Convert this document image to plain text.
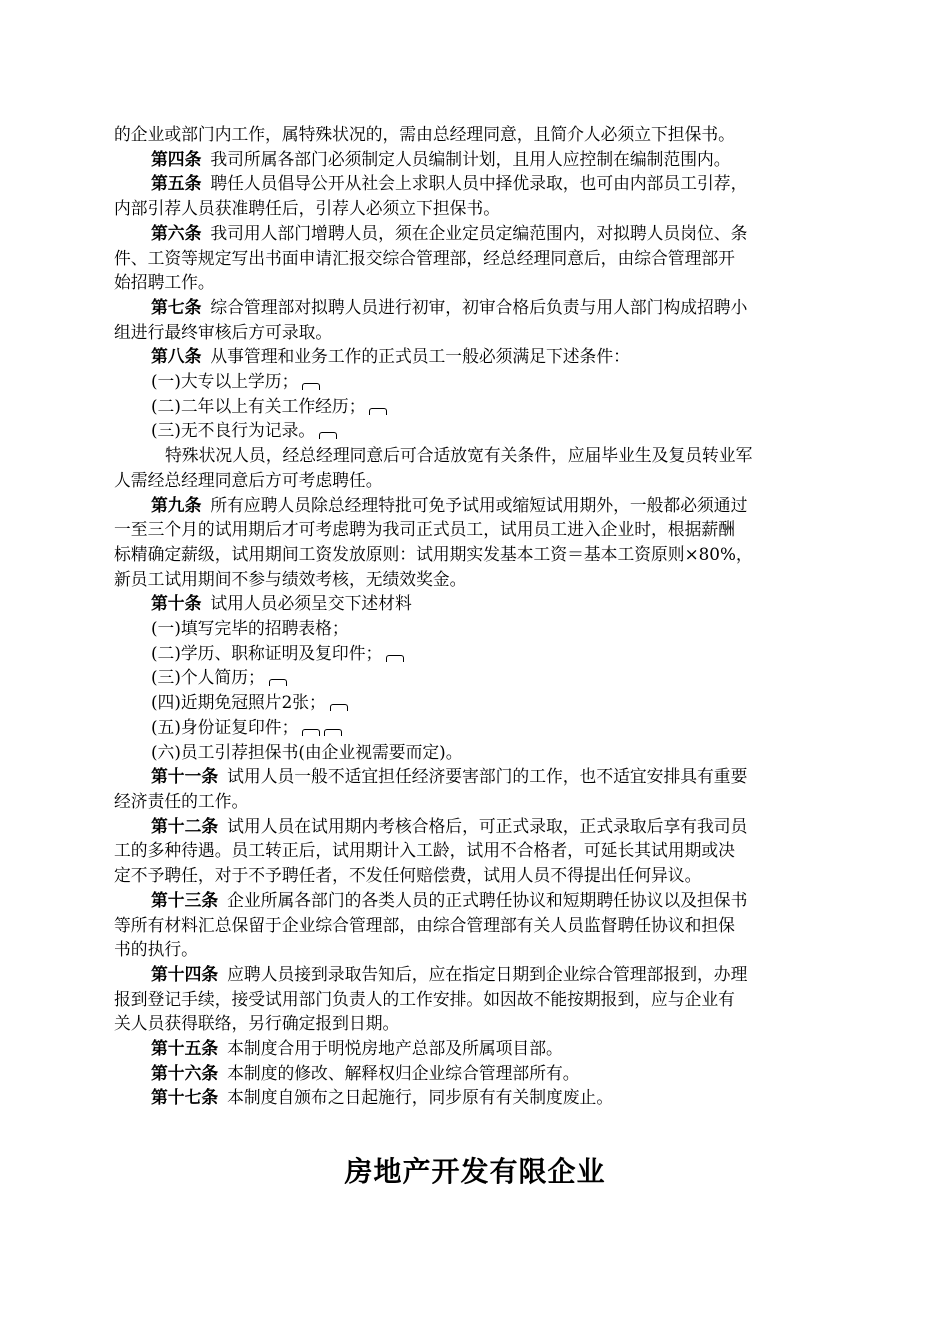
的企业或部门内工作，属特殊状况的，需由总经理同意，且简介人必须立下担保书。

第四条 我司所属各部门必须制定人员编制计划，且用人应控制在编制范围内。

第五条 聘任人员倡导公开从社会上求职人员中择优录取，也可由内部员工引荐，

内部引荐人员获准聘任后，引荐人必须立下担保书。

第六条 我司用人部门增聘人员，须在企业定员定编范围内，对拟聘人员岗位、条

件、工资等规定写出书面申请汇报交综合管理部，经总经理同意后，由综合管理部开

始招聘工作。

第七条 综合管理部对拟聘人员进行初审，初审合格后负责与用人部门构成招聘小

组进行最终审核后方可录取。

第八条 从事管理和业务工作的正式员工一般必须满足下述条件：

(一)大专以上学历；

(二)二年以上有关工作经历；

(三)无不良行为记录。

特殊状况人员，经总经理同意后可合适放宽有关条件，应届毕业生及复员转业军

人需经总经理同意后方可考虑聘任。

第九条 所有应聘人员除总经理特批可免予试用或缩短试用期外，一般都必须通过

一至三个月的试用期后才可考虑聘为我司正式员工，试用员工进入企业时，根据薪酬

标精确定薪级，试用期间工资发放原则：试用期实发基本工资＝基本工资原则×80%，

新员工试用期间不参与绩效考核，无绩效奖金。

第十条 试用人员必须呈交下述材料

(一)填写完毕的招聘表格；

(二)学历、职称证明及复印件；

(三)个人简历；

(四)近期免冠照片2张；

(五)身份证复印件；

(六)员工引荐担保书(由企业视需要而定)。

第十一条 试用人员一般不适宜担任经济要害部门的工作，也不适宜安排具有重要

经济责任的工作。

第十二条 试用人员在试用期内考核合格后，可正式录取，正式录取后享有我司员

工的多种待遇。员工转正后，试用期计入工龄，试用不合格者，可延长其试用期或决

定不予聘任，对于不予聘任者，不发任何赔偿费，试用人员不得提出任何异议。

第十三条 企业所属各部门的各类人员的正式聘任协议和短期聘任协议以及担保书

等所有材料汇总保留于企业综合管理部，由综合管理部有关人员监督聘任协议和担保

书的执行。

第十四条 应聘人员接到录取告知后，应在指定日期到企业综合管理部报到，办理

报到登记手续，接受试用部门负责人的工作安排。如因故不能按期报到，应与企业有

关人员获得联络，另行确定报到日期。

第十五条 本制度合用于明悦房地产总部及所属项目部。

第十六条 本制度的修改、解释权归企业综合管理部所有。

第十七条 本制度自颁布之日起施行，同步原有有关制度废止。

房地产开发有限企业
